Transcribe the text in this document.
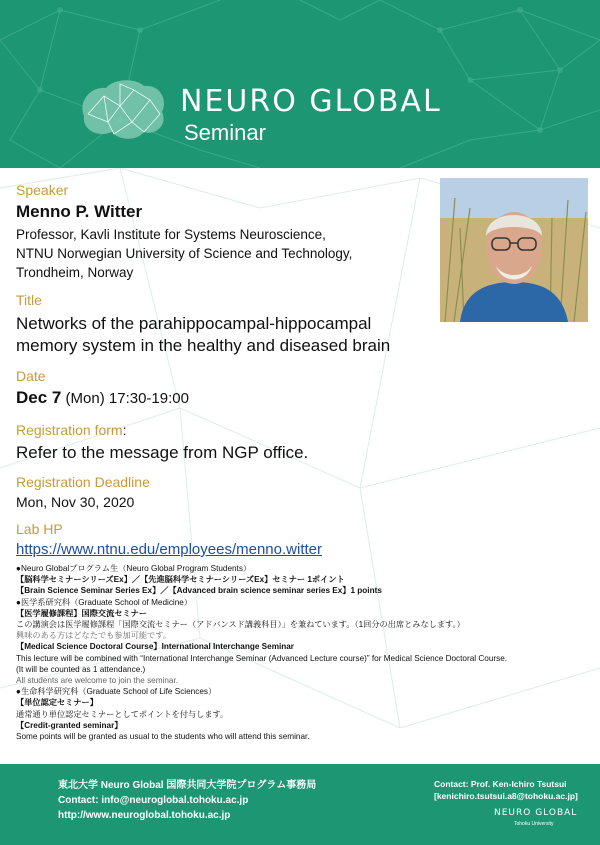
NEURO GLOBAL
Seminar
Speaker
Menno P. Witter
Professor, Kavli Institute for Systems Neuroscience,
NTNU Norwegian University of Science and Technology,
Trondheim, Norway
Title
Networks of the parahippocampal-hippocampal
memory system in the healthy and diseased brain
Date
Dec 7 (Mon) 17:30-19:00
Registration form:
Refer to the message from NGP office.
Registration Deadline
Mon, Nov 30, 2020
Lab HP
https://www.ntnu.edu/employees/menno.witter
●Neuro Globalプログラム生（Neuro Global Program Students）
【脳科学セミナーシリーズEx】／【先進脳科学セミナーシリーズEx】セミナー 1ポイント
【Brain Science Seminar Series Ex】／【Advanced brain science seminar series Ex】1 points
●医学系研究科（Graduate School of Medicine）
【医学履修課程】国際交流セミナー
この講演会は医学履修課程「国際交流セミナー（アドバンスド講義科目）」を兼ねています。（1回分の出席とみなします。）
興味のある方はどなたでも参加可能です。
【Medical Science Doctoral Course】International Interchange Seminar
This lecture will be combined with “International Interchange Seminar (Advanced Lecture course)” for Medical Science Doctoral Course.
(It will be counted as 1 attendance.)
All students are welcome to join the seminar.
●生命科学研究科（Graduate School of Life Sciences）
【単位認定セミナー】
通常通り単位認定セミナーとしてポイントを付与します。
【Credit-granted seminar】
Some points will be granted as usual to the students who will attend this seminar.
東北大学 Neuro Global 国際共同大学院プログラム事務局
Contact: info@neuroglobal.tohoku.ac.jp
http://www.neuroglobal.tohoku.ac.jp
Contact: Prof. Ken-Ichiro Tsutsui
[kenichiro.tsutsui.a8@tohoku.ac.jp]
NEURO GLOBAL
Tohoku University
